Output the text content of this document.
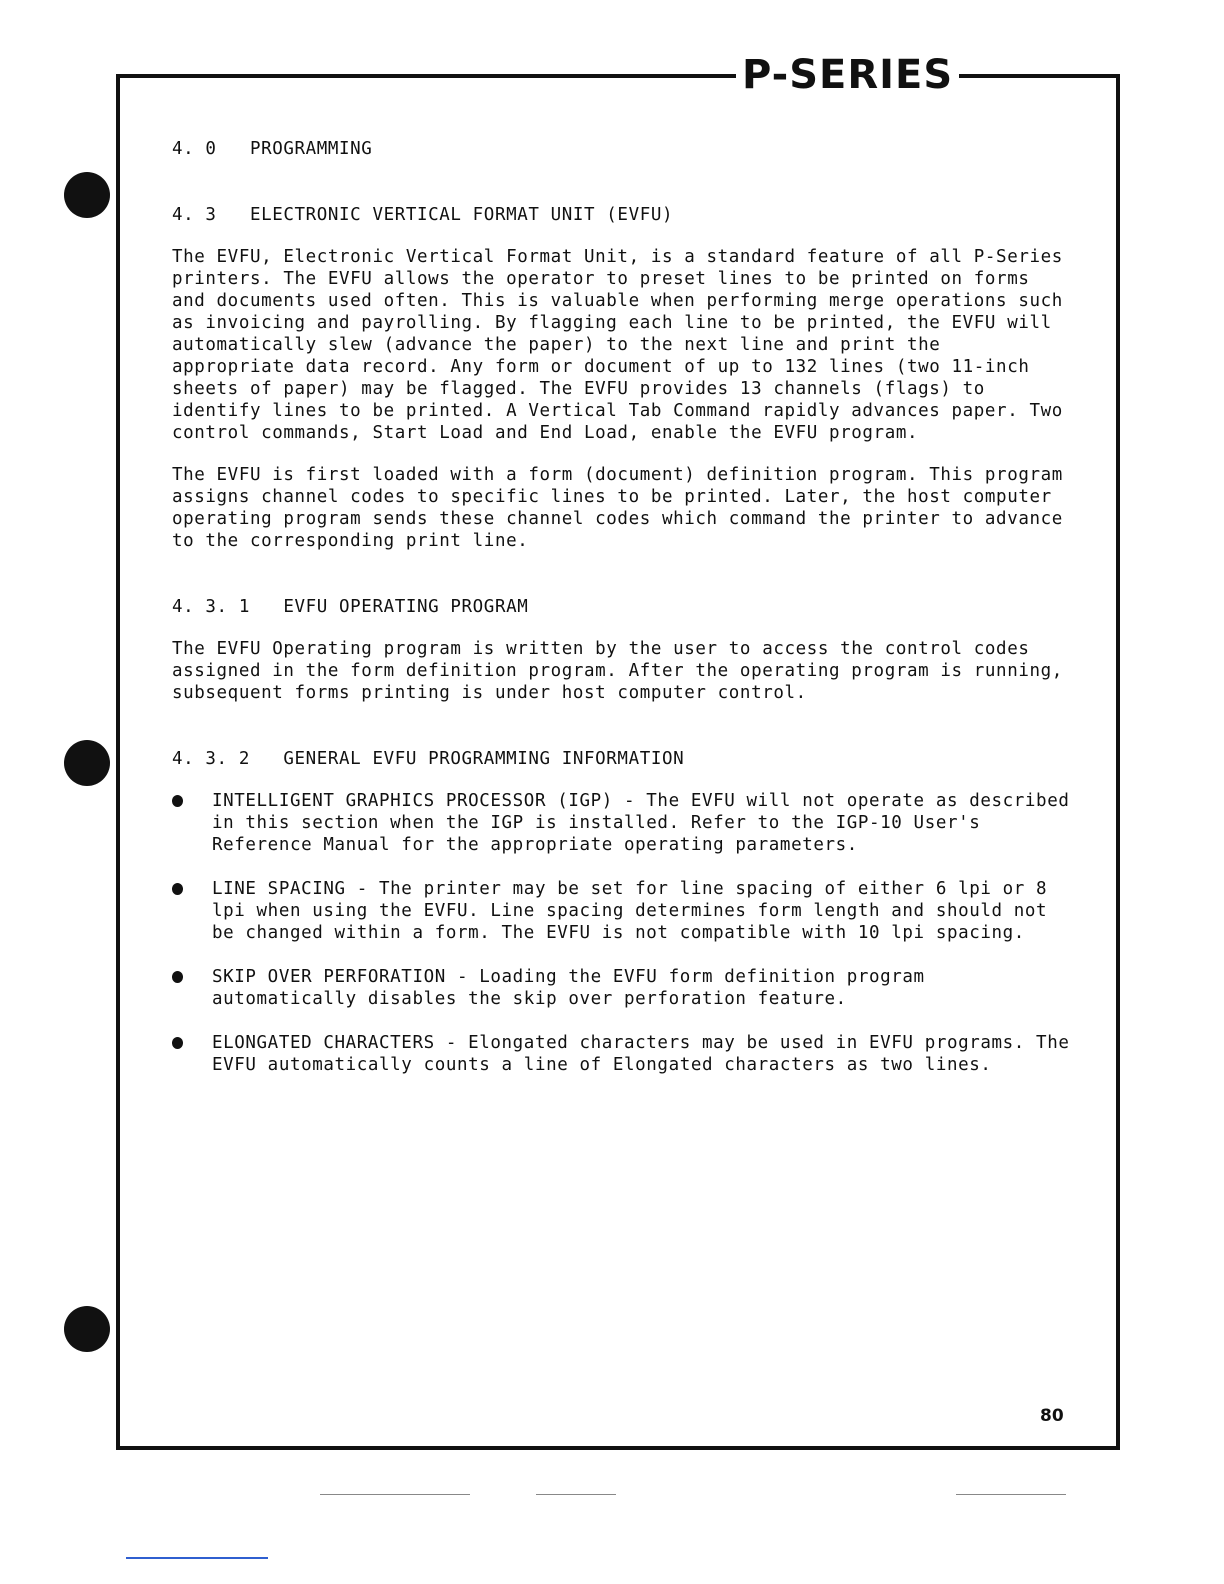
P-SERIES

4. 0   PROGRAMMING

4. 3   ELECTRONIC VERTICAL FORMAT UNIT (EVFU)

The EVFU, Electronic Vertical Format Unit, is a standard feature of all P-Series printers. The EVFU allows the operator to preset lines to be printed on forms and documents used often. This is valuable when performing merge operations such as invoicing and payrolling. By flagging each line to be printed, the EVFU will automatically slew (advance the paper) to the next line and print the appropriate data record. Any form or document of up to 132 lines (two 11-inch sheets of paper) may be flagged. The EVFU provides 13 channels (flags) to identify lines to be printed. A Vertical Tab Command rapidly advances paper. Two control commands, Start Load and End Load, enable the EVFU program.

The EVFU is first loaded with a form (document) definition program. This program assigns channel codes to specific lines to be printed. Later, the host computer operating program sends these channel codes which command the printer to advance to the corresponding print line.

4. 3. 1   EVFU OPERATING PROGRAM

The EVFU Operating program is written by the user to access the control codes assigned in the form definition program. After the operating program is running, subsequent forms printing is under host computer control.

4. 3. 2   GENERAL EVFU PROGRAMMING INFORMATION

INTELLIGENT GRAPHICS PROCESSOR (IGP) - The EVFU will not operate as described in this section when the IGP is installed. Refer to the IGP-10 User's Reference Manual for the appropriate operating parameters.
LINE SPACING - The printer may be set for line spacing of either 6 lpi or 8 lpi when using the EVFU. Line spacing determines form length and should not be changed within a form. The EVFU is not compatible with 10 lpi spacing.
SKIP OVER PERFORATION - Loading the EVFU form definition program automatically disables the skip over perforation feature.
ELONGATED CHARACTERS - Elongated characters may be used in EVFU programs. The EVFU automatically counts a line of Elongated characters as two lines.
80
